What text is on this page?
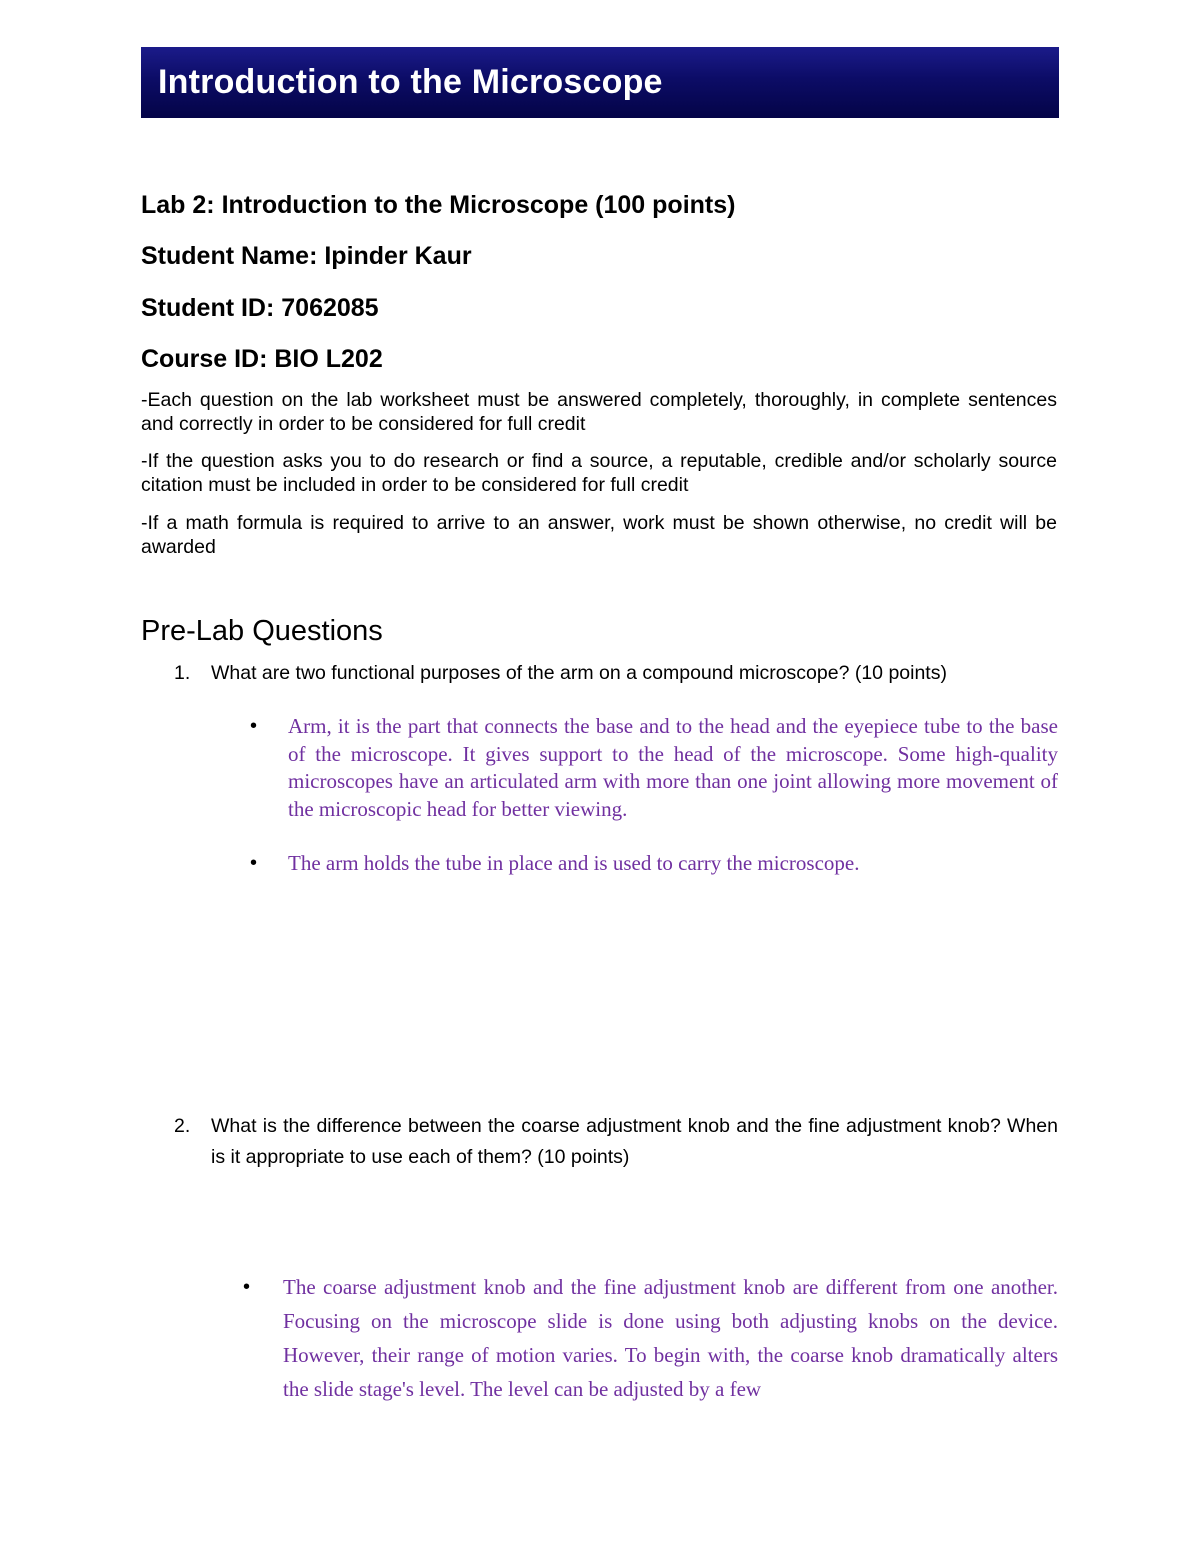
Introduction to the Microscope

Lab 2: Introduction to the Microscope (100 points)

Student Name: Ipinder Kaur

Student ID: 7062085

Course ID: BIO L202

-Each question on the lab worksheet must be answered completely, thoroughly, in complete sentences and correctly in order to be considered for full credit

-If the question asks you to do research or find a source, a reputable, credible and/or scholarly source citation must be included in order to be considered for full credit

-If a math formula is required to arrive to an answer, work must be shown otherwise, no credit will be awarded

Pre-Lab Questions
1.	What are two functional purposes of the arm on a compound microscope? (10 points)
• Arm, it is the part that connects the base and to the head and the eyepiece tube to the base of the microscope. It gives support to the head of the microscope. Some high-quality microscopes have an articulated arm with more than one joint allowing more movement of the microscopic head for better viewing.
• The arm holds the tube in place and is used to carry the microscope.
2.	What is the difference between the coarse adjustment knob and the fine adjustment knob? When is it appropriate to use each of them? (10 points)
• The coarse adjustment knob and the fine adjustment knob are different from one another. Focusing on the microscope slide is done using both adjusting knobs on the device. However, their range of motion varies. To begin with, the coarse knob dramatically alters the slide stage's level. The level can be adjusted by a few
